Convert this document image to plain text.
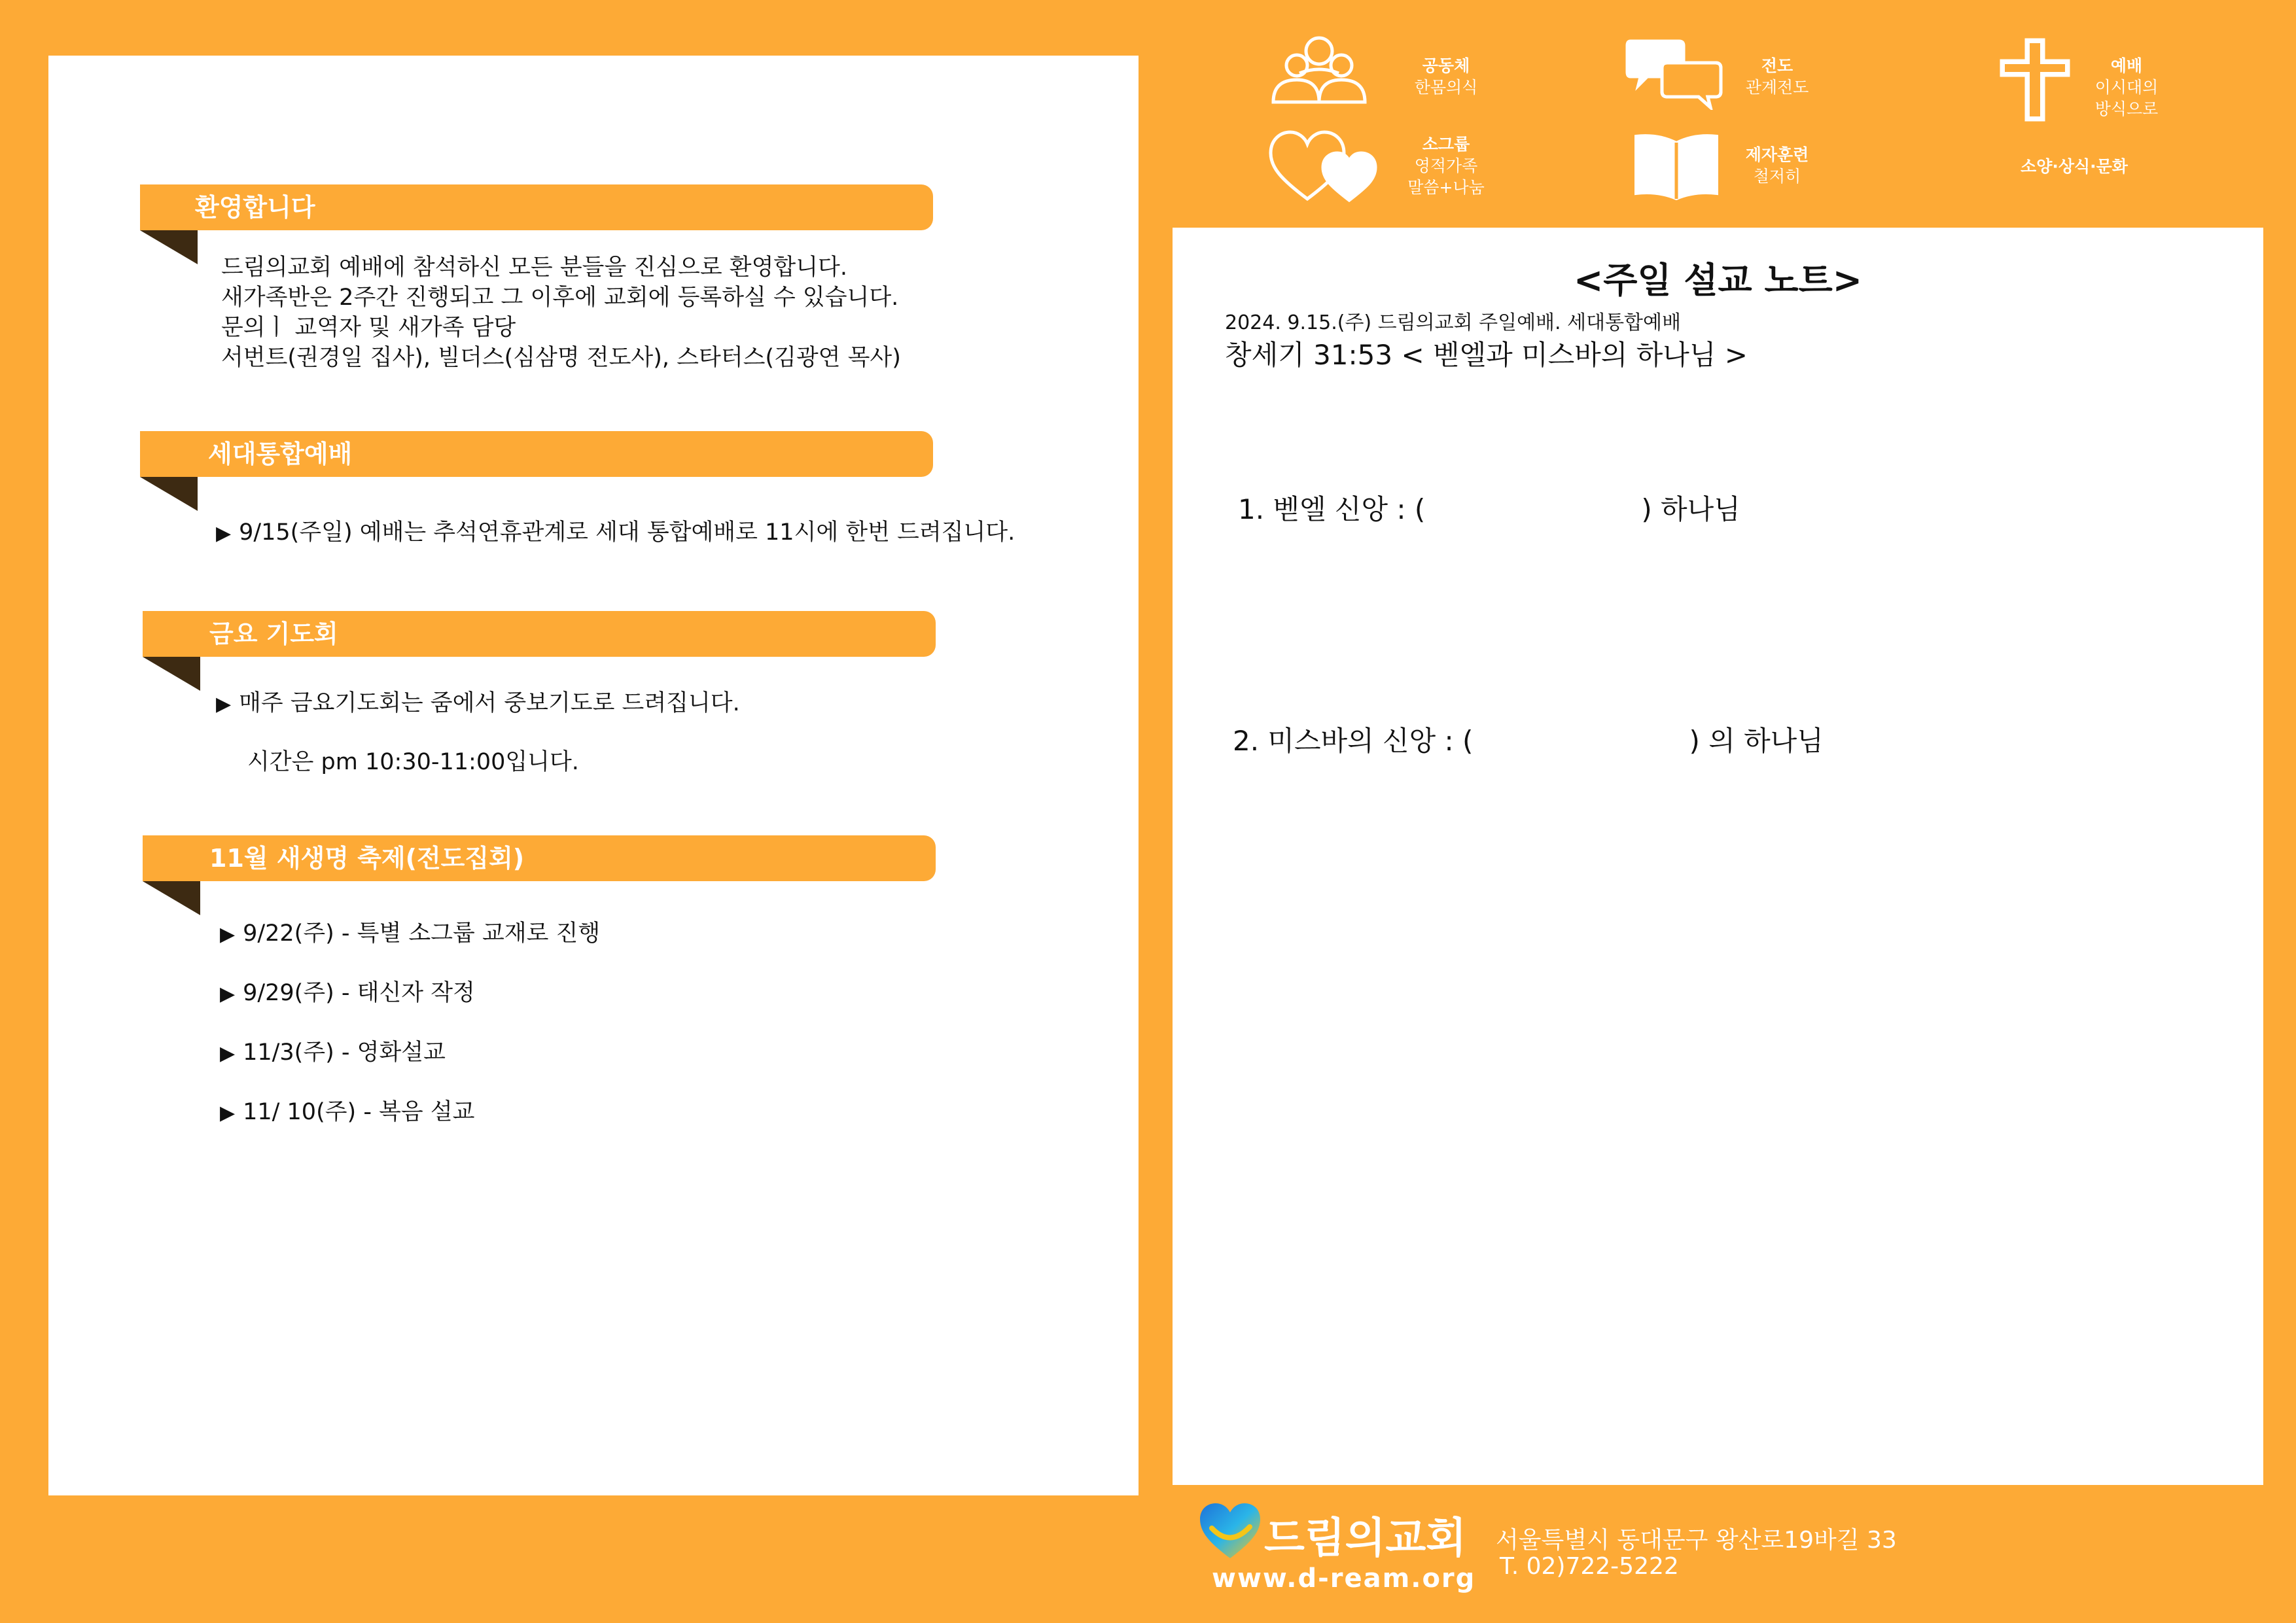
환영합니다
드림의교회 예배에 참석하신 모든 분들을 진심으로 환영합니다.
새가족반은 2주간 진행되고 그 이후에 교회에 등록하실 수 있습니다.
문의ㅣ 교역자 및 새가족 담당
서번트(권경일 집사), 빌더스(심삼명 전도사), 스타터스(김광연 목사)
세대통합예배
▶ 9/15(주일) 예배는 추석연휴관계로 세대 통합예배로 11시에 한번 드려집니다.
금요 기도회
▶ 매주 금요기도회는 줌에서 중보기도로 드려집니다.
시간은 pm 10:30-11:00입니다.
11월 새생명 축제(전도집회)
▶ 9/22(주) - 특별 소그룹 교재로 진행
▶ 9/29(주) - 태신자 작정
▶ 11/3(주) - 영화설교
▶ 11/ 10(주) - 복음 설교
공동체
한몸의식
전도
관계전도
예배
이시대의
방식으로
소그룹
영적가족
말씀+나눔
제자훈련
철저히
소양·상식·문화
<주일 설교 노트>
2024. 9.15.(주) 드림의교회 주일예배. 세대통합예배
창세기 31:53 < 벧엘과 미스바의 하나님 >
1. 벧엘 신앙 : (	) 하나님
2. 미스바의 신앙 : (	) 의 하나님
드림의교회
www.d-ream.org
서울특별시 동대문구 왕산로19바길 33
T. 02)722-5222
